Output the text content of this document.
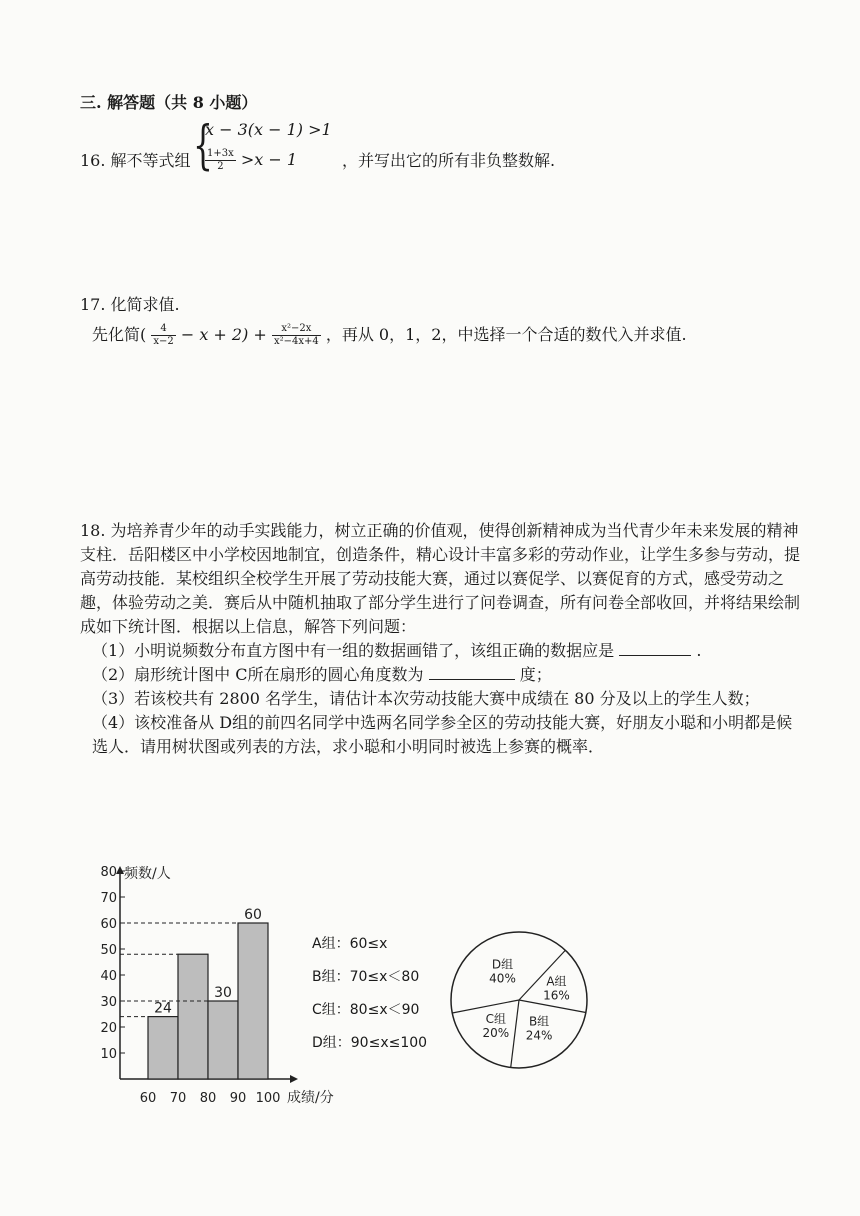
三. 解答题（共 8 小题）
16. 解不等式组 {
x − 3(x − 1) >1
$\frac{1+3x}{2} >x - 1$	，并写出它的所有非负整数解.
17. 化简求值.
先化简( $\frac{4}{x-2} - x + 2) + \frac{\text{x²−2x}}{\text{x²−4x+4}}$ ，再从 0，1，2，中选择一个合适的数代入并求值.

18. 为培养青少年的动手实践能力，树立正确的价值观，使得创新精神成为当代青少年未来发展的精神支柱．岳阳楼区中小学校因地制宜，创造条件，精心设计丰富多彩的劳动作业，让学生多参与劳动，提高劳动技能．某校组织全校学生开展了劳动技能大赛，通过以赛促学、以赛促育的方式，感受劳动之趣，体验劳动之美．赛后从中随机抽取了部分学生进行了问卷调查，所有问卷全部收回，并将结果绘制成如下统计图．根据以上信息，解答下列问题：

（1）小明说频数分布直方图中有一组的数据画错了，该组正确的数据应是	.

（2）扇形统计图中 C所在扇形的圆心角度数为	度；

（3）若该校共有 2800 名学生，请估计本次劳动技能大赛中成绩在 80 分及以上的学生人数；

（4）该校准备从 D组的前四名同学中选两名同学参全区的劳动技能大赛，好朋友小聪和小明都是候选人．请用树状图或列表的方法，求小聪和小明同时被选上参赛的概率．

10
20
30
40
50
60
70
80
24
30
60
60 70 80 90 100
频数/人
成绩/分
A组：60≤x
B组：70≤x＜80
C组：80≤x＜90
D组：90≤x≤100
D组
40%	A组
16%
B组
24%
C组
20%
